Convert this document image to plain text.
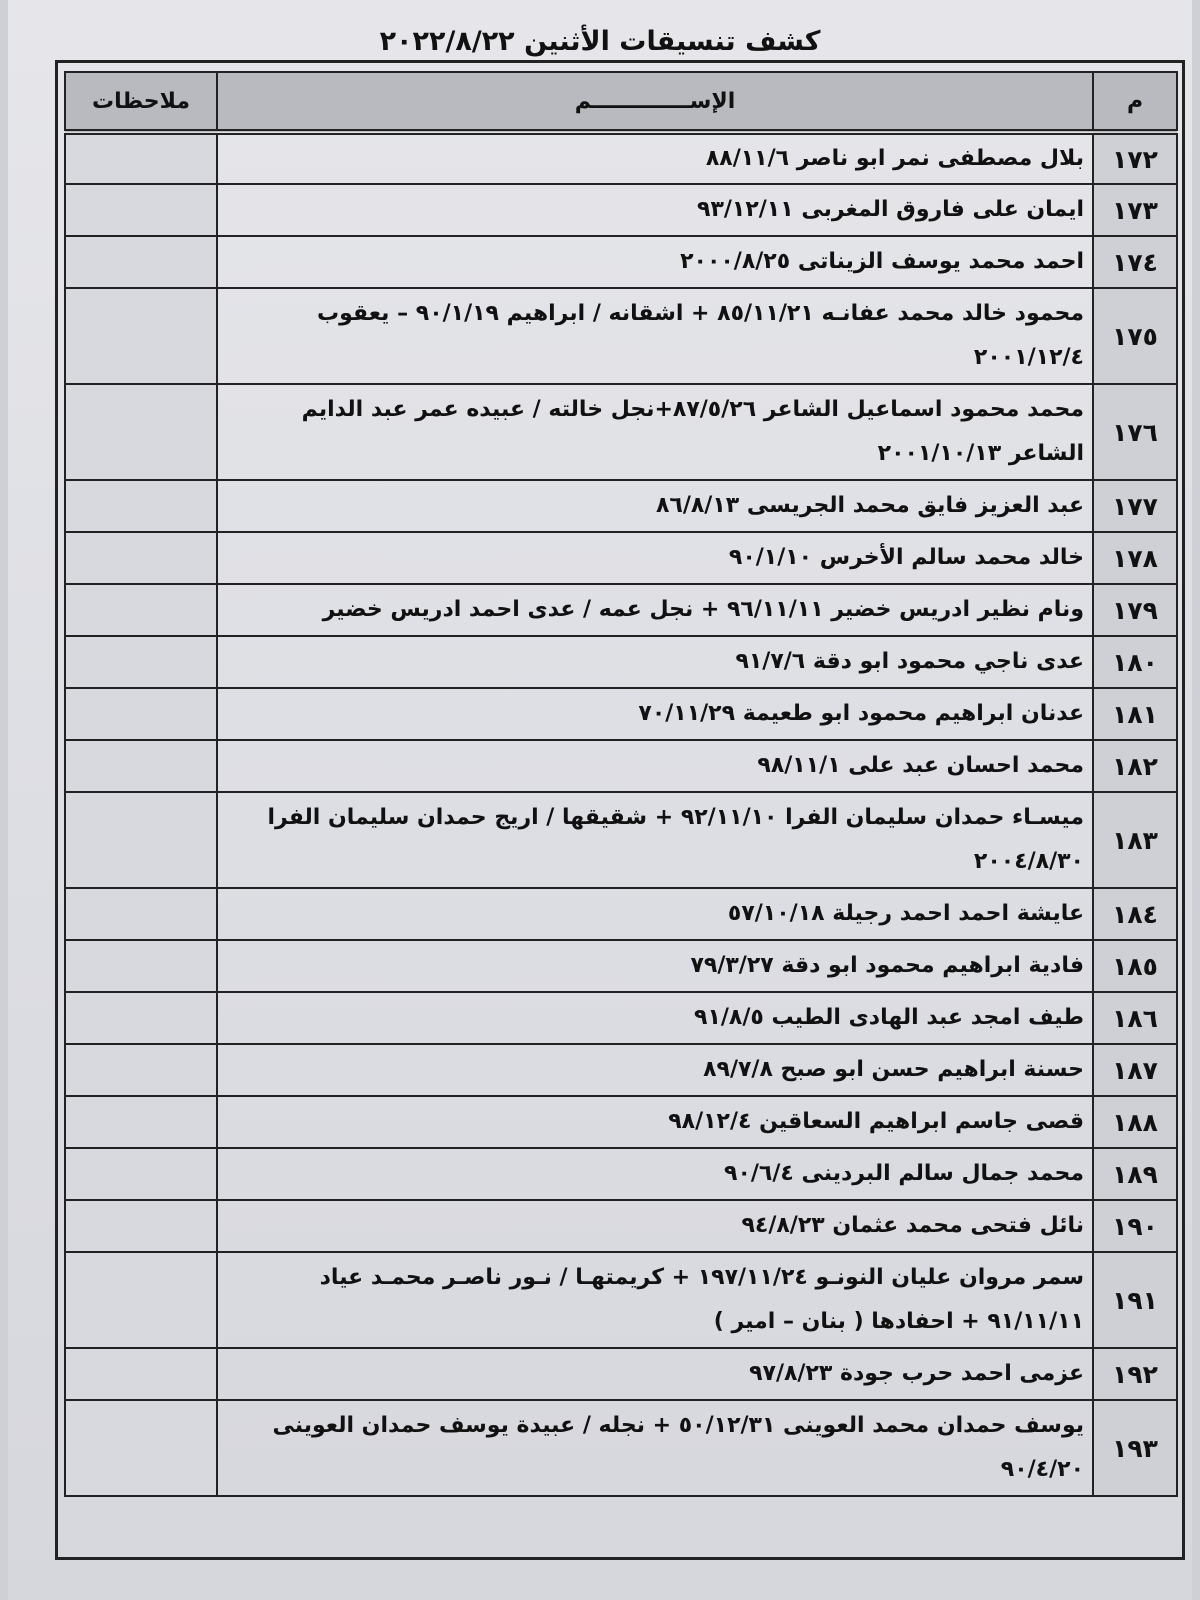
كشف تنسيقات الأثنين ٢٠٢٢/٨/٢٢
م	الإســـــــــــــم	ملاحظات
١٧٢	بلال مصطفى نمر ابو ناصر ٨٨/١١/٦	
١٧٣	ايمان على فاروق المغربى ٩٣/١٢/١١	
١٧٤	احمد محمد يوسف الزيناتى ٢٠٠٠/٨/٢٥	
١٧٥	محمود خالد محمد عفانـه ٨٥/١١/٢١ + اشقانه / ابراهيم ٩٠/١/١٩ – يعقوب ٢٠٠١/١٢/٤	
١٧٦	محمد محمود اسماعيل الشاعر ٨٧/٥/٢٦+نجل خالته / عبيده عمر عبد الدايم الشاعر ٢٠٠١/١٠/١٣	
١٧٧	عبد العزيز فايق محمد الجريسى ٨٦/٨/١٣	
١٧٨	خالد محمد سالم الأخرس ٩٠/١/١٠	
١٧٩	ونام نظير ادريس خضير ٩٦/١١/١١ + نجل عمه / عدى احمد ادريس خضير	
١٨٠	عدى ناجي محمود ابو دقة ٩١/٧/٦	
١٨١	عدنان ابراهيم محمود ابو طعيمة ٧٠/١١/٢٩	
١٨٢	محمد احسان عبد على ٩٨/١١/١	
١٨٣	ميسـاء حمدان سليمان الفرا ٩٢/١١/١٠ + شقيقها / اريج حمدان سليمان الفرا ٢٠٠٤/٨/٣٠	
١٨٤	عايشة احمد احمد رجيلة ٥٧/١٠/١٨	
١٨٥	فادية ابراهيم محمود ابو دقة ٧٩/٣/٢٧	
١٨٦	طيف امجد عبد الهادى الطيب ٩١/٨/٥	
١٨٧	حسنة ابراهيم حسن ابو صبح ٨٩/٧/٨	
١٨٨	قصى جاسم ابراهيم السعاقين ٩٨/١٢/٤	
١٨٩	محمد جمال سالم البردينى ٩٠/٦/٤	
١٩٠	نائل فتحى محمد عثمان ٩٤/٨/٢٣	
١٩١	سمر مروان عليان النونـو ١٩٧/١١/٢٤ + كريمتهـا / نـور ناصـر محمـد عياد ٩١/١١/١١ + احفادها ( بنان – امير )	
١٩٢	عزمى احمد حرب جودة ٩٧/٨/٢٣	
١٩٣	يوسف حمدان محمد العوينى ٥٠/١٢/٣١ + نجله / عبيدة يوسف حمدان العوينى ٩٠/٤/٢٠	
